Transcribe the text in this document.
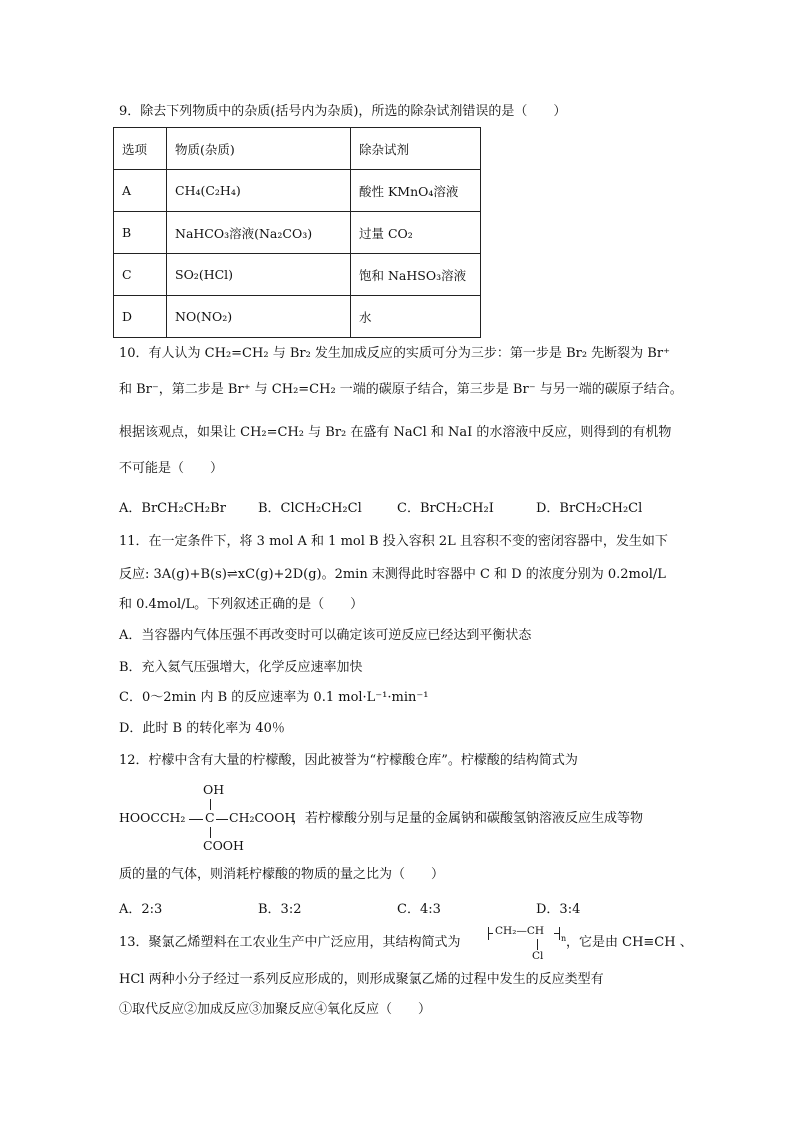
9．除去下列物质中的杂质(括号内为杂质)，所选的除杂试剂错误的是（　　）
选项	物质(杂质)	除杂试剂
A	CH₄(C₂H₄)	酸性 KMnO₄溶液
B	NaHCO₃溶液(Na₂CO₃)	过量 CO₂
C	SO₂(HCl)	饱和 NaHSO₃溶液
D	NO(NO₂)	水
10．有人认为 CH₂=CH₂ 与 Br₂ 发生加成反应的实质可分为三步：第一步是 Br₂ 先断裂为 Br⁺
和 Br⁻，第二步是 Br⁺ 与 CH₂=CH₂ 一端的碳原子结合，第三步是 Br⁻ 与另一端的碳原子结合。
根据该观点，如果让 CH₂=CH₂ 与 Br₂ 在盛有 NaCl 和 NaI 的水溶液中反应，则得到的有机物
不可能是（　　）
A．BrCH₂CH₂Br B．ClCH₂CH₂Cl	C．BrCH₂CH₂I	D．BrCH₂CH₂Cl
11．在一定条件下，将 3 mol A 和 1 mol B 投入容积 2L 且容积不变的密闭容器中，发生如下
反应: 3A(g)+B(s)⇌xC(g)+2D(g)。2min 末测得此时容器中 C 和 D 的浓度分别为 0.2mol/L
和 0.4mol/L。下列叙述正确的是（　　）
A．当容器内气体压强不再改变时可以确定该可逆反应已经达到平衡状态
B．充入氦气压强增大，化学反应速率加快
C．0～2min 内 B 的反应速率为 0.1 mol·L⁻¹·min⁻¹
D．此时 B 的转化率为 40％
12．柠檬中含有大量的柠檬酸，因此被誉为“柠檬酸仓库”。柠檬酸的结构简式为
OH
HOOCCH₂ C CH₂COOH
COOH
，若柠檬酸分别与足量的金属钠和碳酸氢钠溶液反应生成等物
质的量的气体，则消耗柠檬酸的物质的量之比为（　　）
A．2:3	B．3:2	C．4:3	D．3:4
13．聚氯乙烯塑料在工农业生产中广泛应用，其结构简式为
CH₂—CH
n
Cl
，它是由 CH≡CH 、
HCl 两种小分子经过一系列反应形成的，则形成聚氯乙烯的过程中发生的反应类型有
①取代反应②加成反应③加聚反应④氧化反应（　　）
